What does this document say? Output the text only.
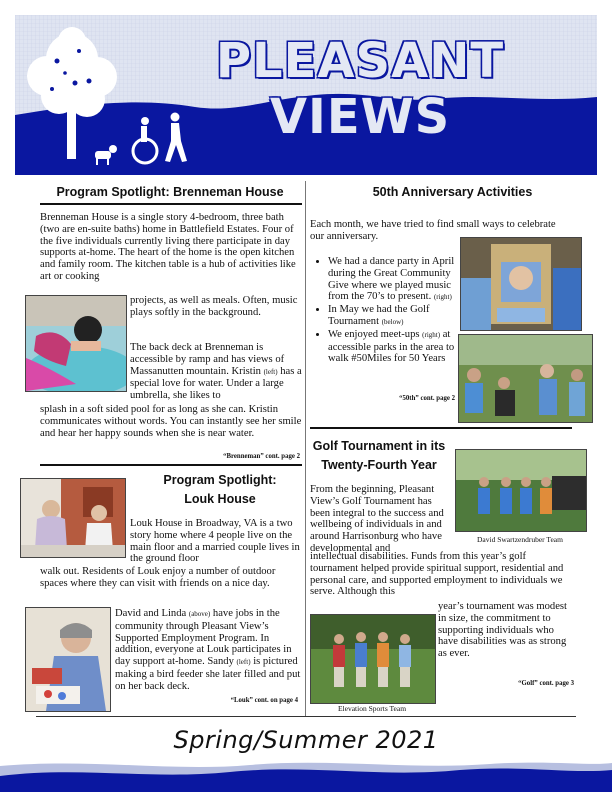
PLEASANT VIEWS
Program Spotlight: Brenneman House
Brenneman House is a single story 4-bedroom, three bath (two are en-suite baths) home in Battlefield Estates. Four of the five individuals currently living there participate in day supports at-home. The heart of the home is the open kitchen and family room. The kitchen table is a hub of activities like art or cooking
projects, as well as meals. Often, music plays softly in the background.
The back deck at Brenneman is accessible by ramp and has views of Massanutten mountain. Kristin (left) has a special love for water. Under a large umbrella, she likes to
splash in a soft sided pool for as long as she can. Kristin communicates without words. You can instantly see her smile and hear her happy sounds when she is near water.
“Brenneman” cont. page 2
Program Spotlight:
Louk House
Louk House in Broadway, VA is a two story home where 4 people live on the main floor and a married couple lives in the ground floor
walk out. Residents of Louk enjoy a number of outdoor spaces where they can visit with friends on a nice day.
David and Linda (above) have jobs in the community through Pleasant View’s Supported Employment Program. In addition, everyone at Louk participates in day support at-home. Sandy (left) is pictured making a bird feeder she later filled and put on her back deck.
“Louk” cont. on page 4
50th Anniversary Activities
Each month, we have tried to find small ways to celebrate our anniversary.
• We had a dance party in April during the Great Community Give where we played music from the 70’s to present. (right)
• In May we had the Golf Tournament (below)
• We enjoyed meet-ups (right) at accessible parks in the area to walk #50Miles for 50 Years
“50th” cont. page 2
Golf Tournament in its
Twenty-Fourth Year
David Swartzendruber Team
From the beginning, Pleasant View’s Golf Tournament has been integral to the success and wellbeing of individuals in and around Harrisonburg who have developmental and
intellectual disabilities. Funds from this year’s golf tournament helped provide spiritual support, residential and personal care, and supported employment to individuals we serve. Although this
Elevation Sports Team
year’s tournament was modest in size, the commitment to supporting individuals who have disabilities was as strong as ever.
“Golf” cont. page 3
Spring/Summer 2021
